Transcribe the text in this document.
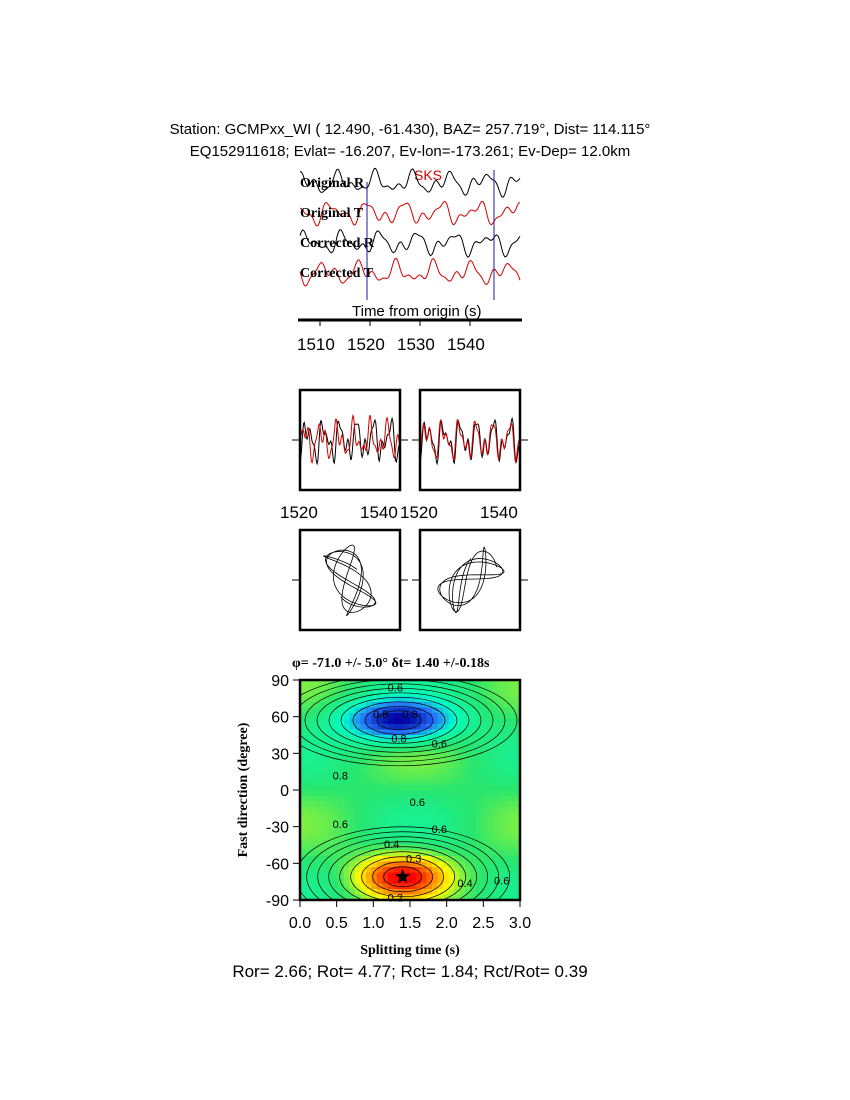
Station: GCMPxx_WI ( 12.490, -61.430), BAZ= 257.719°, Dist= 114.115°
EQ152911618; Evlat= -16.207, Ev-lon=-173.261; Ev-Dep= 12.0km
SKS
Original R
Original T
Corrected R
Corrected T
Time from origin (s)
1510 1520 1530 1540
1520 1540 1520 1540
φ= -71.0 +/- 5.0° δt= 1.40 +/-0.18s
0.6
0.8 0.8
0.8 0.6
0.8
0.6
0.6	0.6
0.4
0.3
0.2
0.4 0.6
90
60
30
0
-30
-60
-90
0.0 0.5 1.0 1.5 2.0 2.5 3.0
Fast direction (degree)
Splitting time (s)
Ror= 2.66; Rot= 4.77; Rct= 1.84; Rct/Rot= 0.39
